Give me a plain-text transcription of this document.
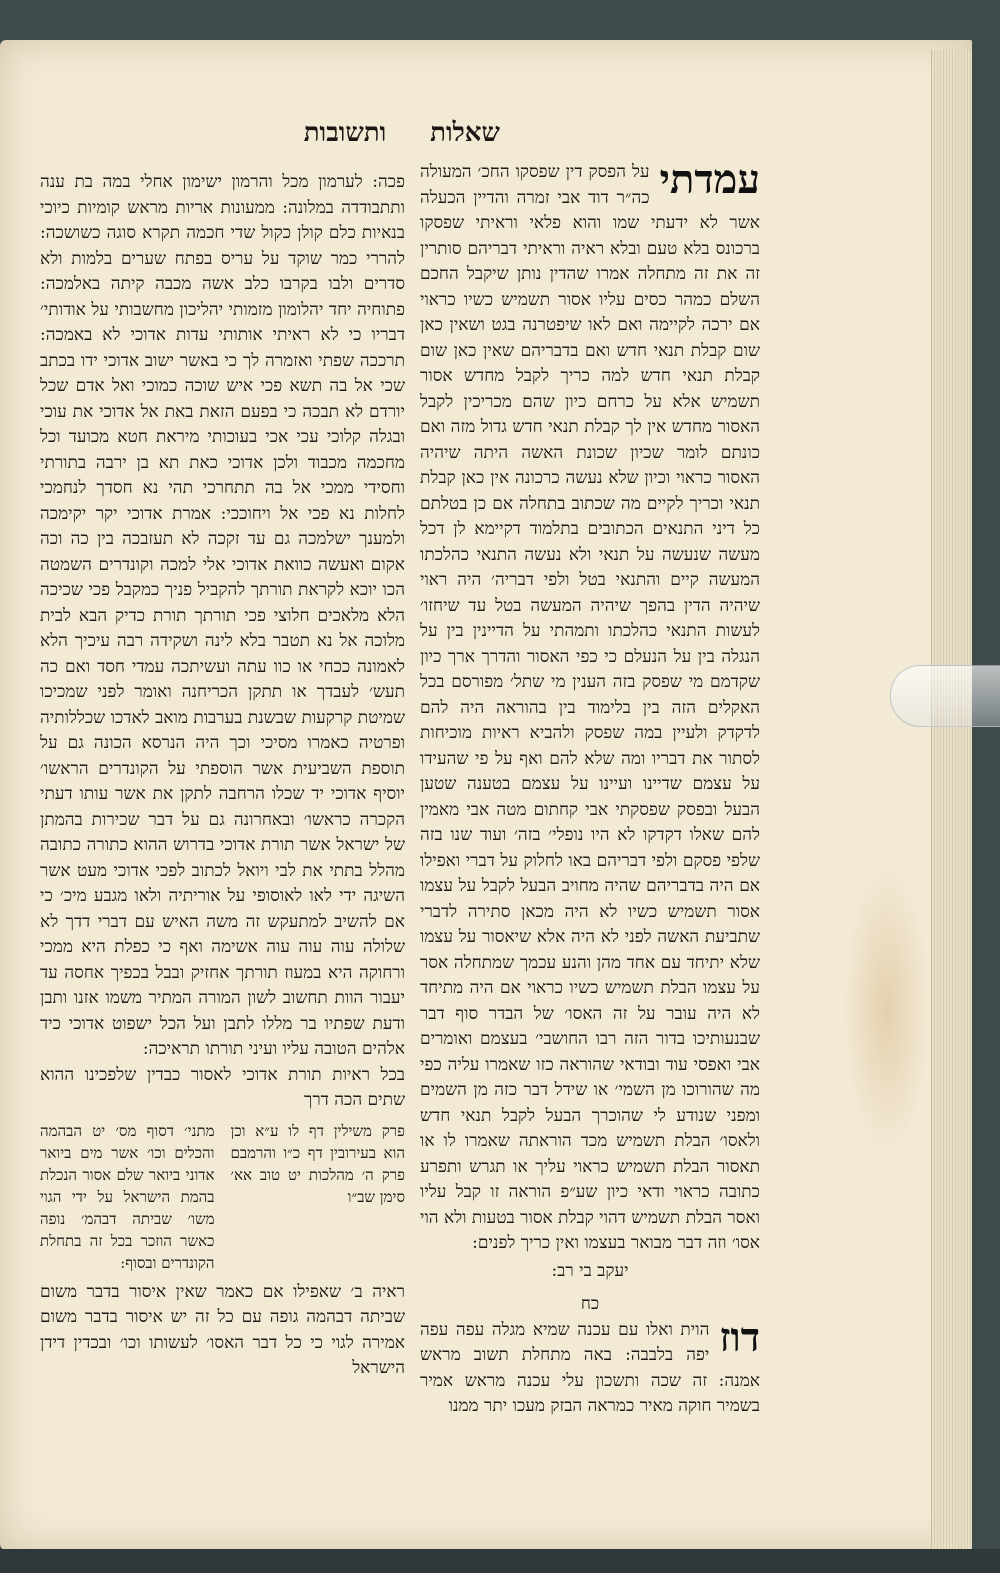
שאלות
ותשובות
עמדתי
על הפסק דין שפסקו החכ׳ המעולה כה״ר דוד אבי זמרה והדיין הכעלה אשר לא ידעתי שמו והוא פלאי וראיתי שפסקו ברכונס בלא טעם ובלא ראיה וראיתי דבריהם סותרין זה את זה מתחלה אמרו שהדין נותן שיקבל החכם השלם כמהר כסים עליו אסור תשמיש כשיו כראוי אם ירכה לקיימה ואם לאו שיפטרנה בגט ושאין כאן שום קבלת תנאי חדש ואם בדבריהם שאין כאן שום קבלת תנאי חדש למה כריך לקבל מחדש אסור תשמיש אלא על כרחם כיון שהם מכריכין לקבל האסור מחדש אין לך קבלת תנאי חדש גדול מזה ואם כונתם לומר שכיון שכונת האשה היתה שיהיה האסור כראוי וכיון שלא נעשה כרכונה אין כאן קבלת תנאי וכריך לקיים מה שכתוב בתחלה אם כן בטלתם כל דיני התנאים הכתובים בתלמוד דקיימא לן דכל מעשה שנעשה על תנאי ולא נעשה התנאי כהלכתו המעשה קיים והתנאי בטל ולפי דבריה׳ היה ראוי שיהיה הדין בהפך שיהיה המעשה בטל עד שיחזו׳ לעשות התנאי כהלכתו ותמהתי על הדיינין בין על הנגלה בין על הנעלם כי כפי האסור והדרך ארך כיון שקדמם מי שפסק בזה הענין מי שתל׳ מפורסם בכל האקלים הזה בין בלימוד בין בהוראה היה להם לדקדק ולעיין במה שפסק ולהביא ראיות מוכיחות לסתור את דבריו ומה שלא להם ואף על פי שהעידו על עצמם שדיינו ועיינו על עצמם בטענה שטען הבעל ובפסק שפסקתי אבי קחתום מטה אבי מאמין להם שאלו דקדקו לא היו נופלי׳ בזה׳ ועוד שנו בזה שלפי פסקם ולפי דבריהם באו לחלוק על דברי ואפילו אם היה בדבריהם שהיה מחויב הבעל לקבל על עצמו אסור תשמיש כשיו לא היה מכאן סתירה לדברי שתביעת האשה לפני לא היה אלא שיאסור על עצמו שלא יתיחד עם אחד מהן והנע עכמך שמתחלה אסר על עצמו הבלת תשמיש כשיו כראוי אם היה מתיחד לא היה עובר על זה האסו׳ של הבדר סוף דבר שבנעותיכו בדור הזה רבו החושבי׳ בעצמם ואומרים אבי ואפסי עוד ובודאי שהוראה כזו שאמרו עליה כפי מה שהורוכו מן השמי׳ או שידל דבר כזה מן השמים ומפני שנודע לי שהוכרך הבעל לקבל תנאי חדש ולאסו׳ הבלת תשמיש מכד הוראתה שאמרו לו או תאסור הבלת תשמיש כראוי עליך או תגרש ותפרע כתובה כראוי ודאי כיון שע״פ הוראה זו קבל עליו ואסר הבלת תשמיש דהוי קבלת אסור בטעות ולא הוי אסו׳ וזה דבר מבואר בעצמו ואין כריך לפנים:
יעקב בי רב:
כח
דוז
הוית ואלו עם עכנה שמיא מגלה עפה עפה יפה בלבבה: באה מתחלת תשוב מראש אמנה: זה שכה ותשכון עלי עכנה מראש אמיר בשמיר חוקה מאיר כמראה הבזק מעכו יתר ממנו
פכה: לערמון מכל והרמון ישימון אחלי במה בת ענה ותתבודדה במלונה: ממעונות אריות מראש קומיות כיוכי בנאיות כלם קולן כקול שדי חכמה תקרא סוגה כשושכה: להררי כמר שוקד על עריס בפתח שערים בלמות ולא סדרים ולבו בקרבו כלב אשה מכבה קיתה באלמכה: פתוחיה יחד יהלומון מזמותי יהליכון מחשבותי על אודותי׳ דבריו כי לא ראיתי אותותי עדות אדוכי לא באמכה: תרככה שפתי ואזמרה לך כי באשר ישוב אדוכי ידו בכתב שכי אל בה תשא פכי איש שוכה כמוכי ואל אדם שכל יורדם לא תבכה כי בפעם הזאת באת אל אדוכי את עוכי ובגלה קלוכי עכי אכי בעוכותי מיראת חטא מכועד וכל מחכמה מכבוד ולכן אדוכי כאת תא בן ירבה בתורתי וחסידי ממכי אל בה תתחרכי תהי נא חסדך לנחמכי לחלות נא פכי אל ויחוככי: אמרת אדוכי יקר יקימכה ולמענך ישלמכה גם עד זקכה לא תעזבכה בין כה וכה אקום ואעשה כוואת אדוכי אלי למכה וקונדרים השמטה הכו יוכא לקראת תורתך להקביל פניך כמקבל פכי שכיכה הלא מלאכים חלוצי פכי תורתך תורת כדיק הבא לבית מלוכה אל נא תטבר בלא לינה ושקידה רבה עיכיך הלא לאמונה ככחי או כוו עתה ועשיתכה עמדי חסד ואם כה תעש׳ לעבדך או תתקן הכריחנה ואומר לפני שמכיכו שמיטת קרקעות שבשנת בערבות מואב לאדכו שכללותיה ופרטיה כאמרו מסיכי וכך היה הנרסא הכונה גם על תוספת השביעית אשר הוספתי על הקונדרים הראשו׳ יוסיף אדוכי יד שכלו הרחבה לתקן את אשר עותו דעתי הקכרה כראשו׳ ובאחרונה גם על דבר שכירות בהמתן של ישראל אשר תורת אדוכי בדרוש ההוא כתורה כתובה מהלל בתתי את לבי ויואל לכתוב לפכי אדוכי מעט אשר השיגה ידי לאו לאוסופי על אוריתיה ולאו מגבע מיכ׳ כי אם להשיב למתעקש זה משה האיש עם דברי דדך לא שלולה עוה עוה עוה אשימה ואף כי כפלת היא ממכי ורחוקה היא במעוז תורתך אחזיק ובבל בכפיך אחסה עד יעבור הוות תחשוב לשון המורה המתיר משמו אזנו ותבן ודעת שפתיו בר מללו לתבן ועל הכל ישפוט אדוכי כיד אלהים הטובה עליו ועיני תורתו תראיכה:
בכל ראיות תורת אדוכי לאסור כבדין שלפכינו ההוא שתים הכה דרך
פרק משילין דף לו ע״א וכן הוא בעירובין דף כ״ו והרמבם פרק ה׳ מהלכות יט טוב אא׳ סימן שב״ו
מתני׳ דסוף מס׳ יט הבהמה והכלים וכו׳ אשר מים ביואר אדוני ביואר שלם אסור הנכלת בהמת הישראל על ידי הגוי משו׳ שביתה דבהמ׳ נופה כאשר הוזכר בכל זה בתחלת הקונדרים ובסוף:
ראיה ב׳ שאפילו אם כאמר שאין איסור בדבר משום שביתה דבהמה גופה עם כל זה יש איסור בדבר משום אמירה לגוי כי כל דבר האסו׳ לעשותו וכו׳ ובכדין דידן הישראל
